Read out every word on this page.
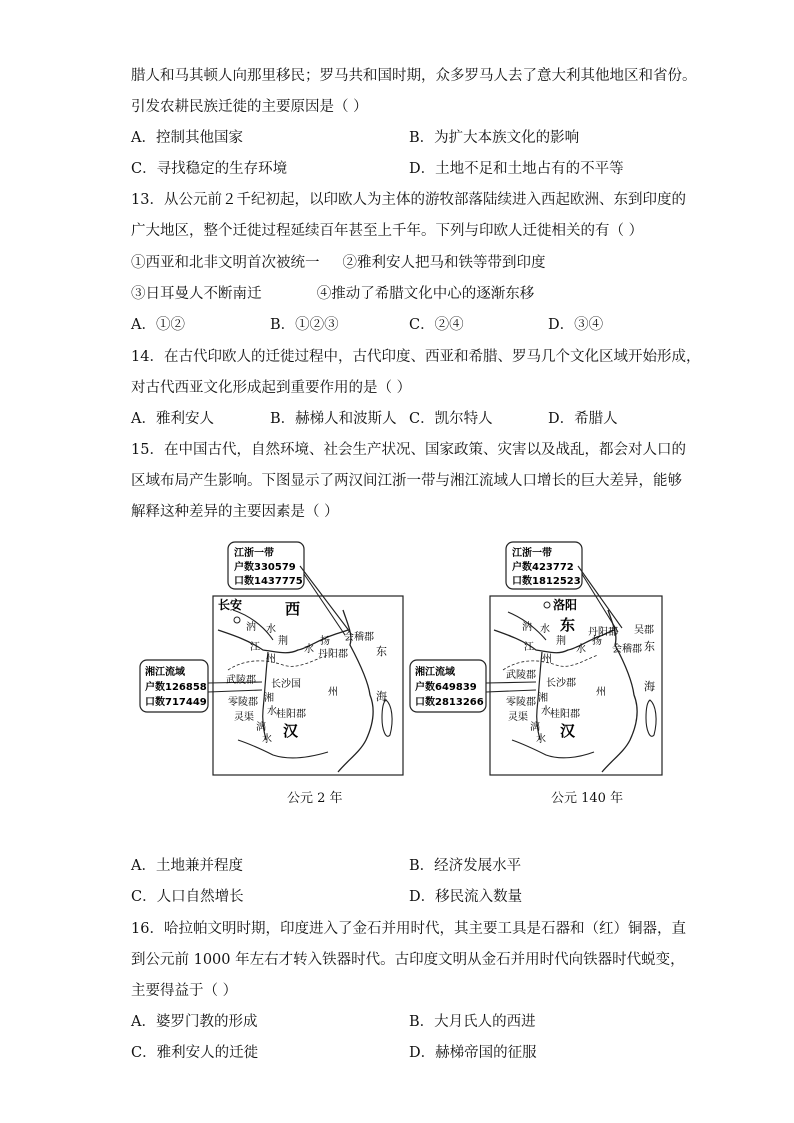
腊人和马其顿人向那里移民；罗马共和国时期，众多罗马人去了意大利其他地区和省份。
引发农耕民族迁徙的主要原因是（ ）
A．控制其他国家	B．为扩大本族文化的影响
C．寻找稳定的生存环境	D．土地不足和土地占有的不平等
13．从公元前２千纪初起，以印欧人为主体的游牧部落陆续进入西起欧洲、东到印度的
广大地区，整个迁徙过程延续百年甚至上千年。下列与印欧人迁徙相关的有（ ）
①西亚和北非文明首次被统一     ②雅利安人把马和铁等带到印度
③日耳曼人不断南迁            ④推动了希腊文化中心的逐渐东移
A．①②	B．①②③	C．②④	D．③④
14．在古代印欧人的迁徙过程中，古代印度、西亚和希腊、罗马几个文化区域开始形成，
对古代西亚文化形成起到重要作用的是（ ）
A．雅利安人	B．赫梯人和波斯人 C．凯尔特人	D．希腊人
15．在中国古代，自然环境、社会生产状况、国家政策、灾害以及战乱，都会对人口的
区域布局产生影响。下图显示了两汉间江浙一带与湘江流域人口增长的巨大差异，能够
解释这种差异的主要因素是（ ）
江浙一带
户数330579
口数1437775
湘江流域
户数126858
口数717449
长安	西
汉
汭 水
荆
江
州
水
扬
丹阳郡
会稽郡
东
海
武陵郡 长沙国
湘
水
州
零陵郡
桂阳郡
灵渠
漓
水
公元 2 年
江浙一带
户数423772
口数1812523
湘江流域
户数649839
口数2813266
洛阳
东
汉
汭 水
荆
江
州
水
扬
丹阳郡 吴郡
会稽郡 东
海
武陵郡
长沙郡
湘
水
州
零陵郡
桂阳郡
灵渠
漓
水
公元 140 年
A．土地兼并程度	B．经济发展水平
C．人口自然增长	D．移民流入数量
16．哈拉帕文明时期，印度进入了金石并用时代，其主要工具是石器和（红）铜器，直
到公元前 1000 年左右才转入铁器时代。古印度文明从金石并用时代向铁器时代蜕变，
主要得益于（ ）
A．婆罗门教的形成	B．大月氏人的西进
C．雅利安人的迁徙	D．赫梯帝国的征服
